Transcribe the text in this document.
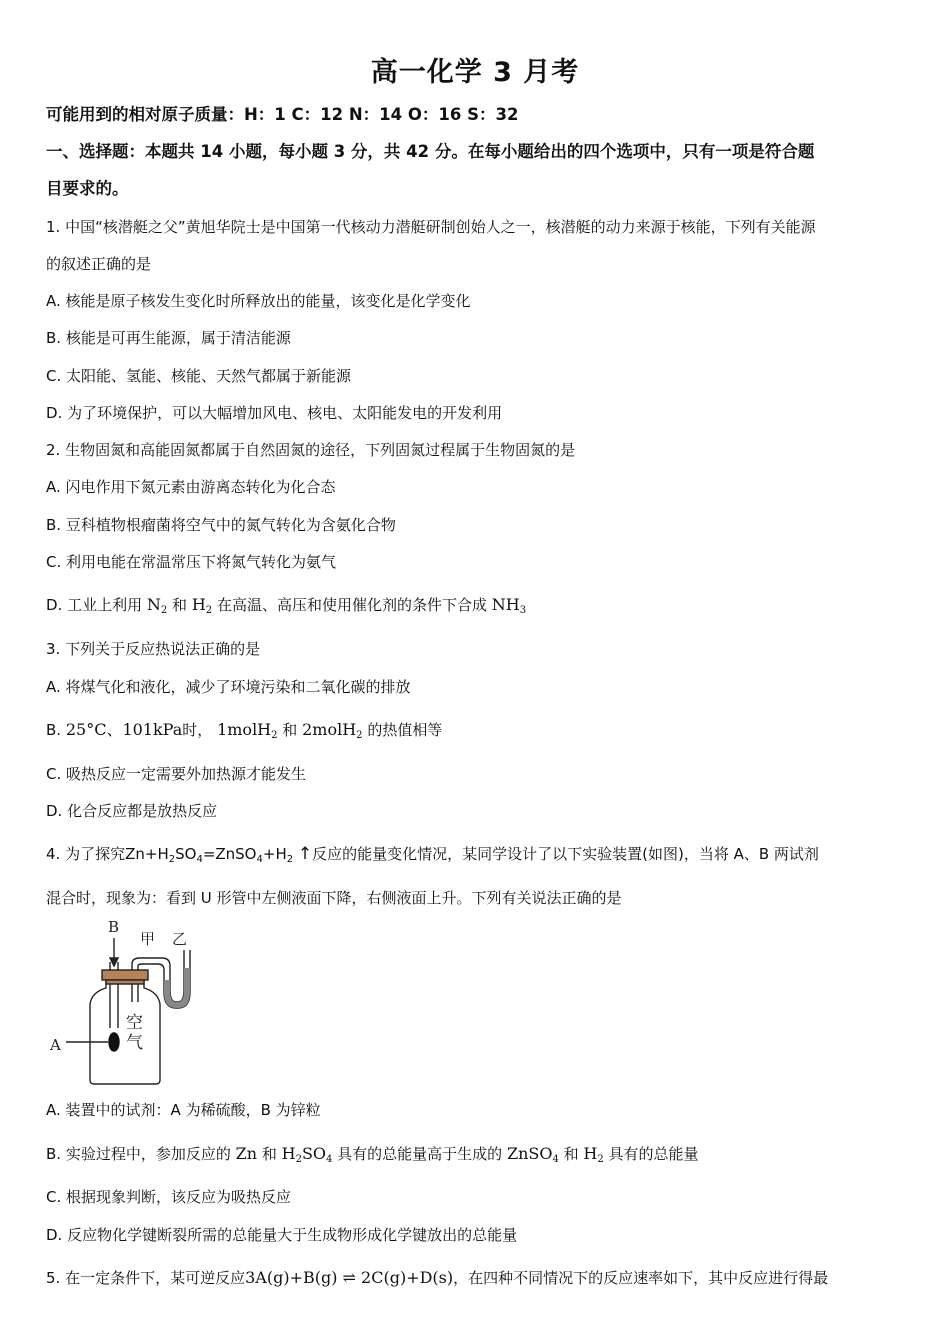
高一化学 3 月考
可能用到的相对原子质量：H：1 C：12 N：14 O：16 S：32
一、选择题：本题共 14 小题，每小题 3 分，共 42 分。在每小题给出的四个选项中，只有一项是符合题
目要求的。
1. 中国“核潜艇之父”黄旭华院士是中国第一代核动力潜艇研制创始人之一，核潜艇的动力来源于核能，下列有关能源
的叙述正确的是
A. 核能是原子核发生变化时所释放出的能量，该变化是化学变化
B. 核能是可再生能源，属于清洁能源
C. 太阳能、氢能、核能、天然气都属于新能源
D. 为了环境保护，可以大幅增加风电、核电、太阳能发电的开发利用
2. 生物固氮和高能固氮都属于自然固氮的途径，下列固氮过程属于生物固氮的是
A. 闪电作用下氮元素由游离态转化为化合态
B. 豆科植物根瘤菌将空气中的氮气转化为含氨化合物
C. 利用电能在常温常压下将氮气转化为氨气
D. 工业上利用 $N_2$ 和 $H_2$ 在高温、高压和使用催化剂的条件下合成 $NH_3$
3. 下列关于反应热说法正确的是
A. 将煤气化和液化，减少了环境污染和二氧化碳的排放
B. 25°C、101kPa时， 1molH$_2$ 和 2molH$_2$ 的热值相等
C. 吸热反应一定需要外加热源才能发生
D. 化合反应都是放热反应
4. 为了探究$Zn+H_2SO_4=ZnSO_4+H_2$ ↑反应的能量变化情况，某同学设计了以下实验装置(如图)，当将 A、B 两试剂
混合时，现象为：看到 U 形管中左侧液面下降，右侧液面上升。下列有关说法正确的是
B
甲 乙
空
气
A
A. 装置中的试剂：A 为稀硫酸，B 为锌粒
B. 实验过程中，参加反应的 Zn 和 $H_2SO_4$ 具有的总能量高于生成的 ZnSO$_4$ 和 $H_2$ 具有的总能量
C. 根据现象判断，该反应为吸热反应
D. 反应物化学键断裂所需的总能量大于生成物形成化学键放出的总能量
5. 在一定条件下，某可逆反应3A(g)+B(g) ⇌ 2C(g)+D(s)，在四种不同情况下的反应速率如下，其中反应进行得最
